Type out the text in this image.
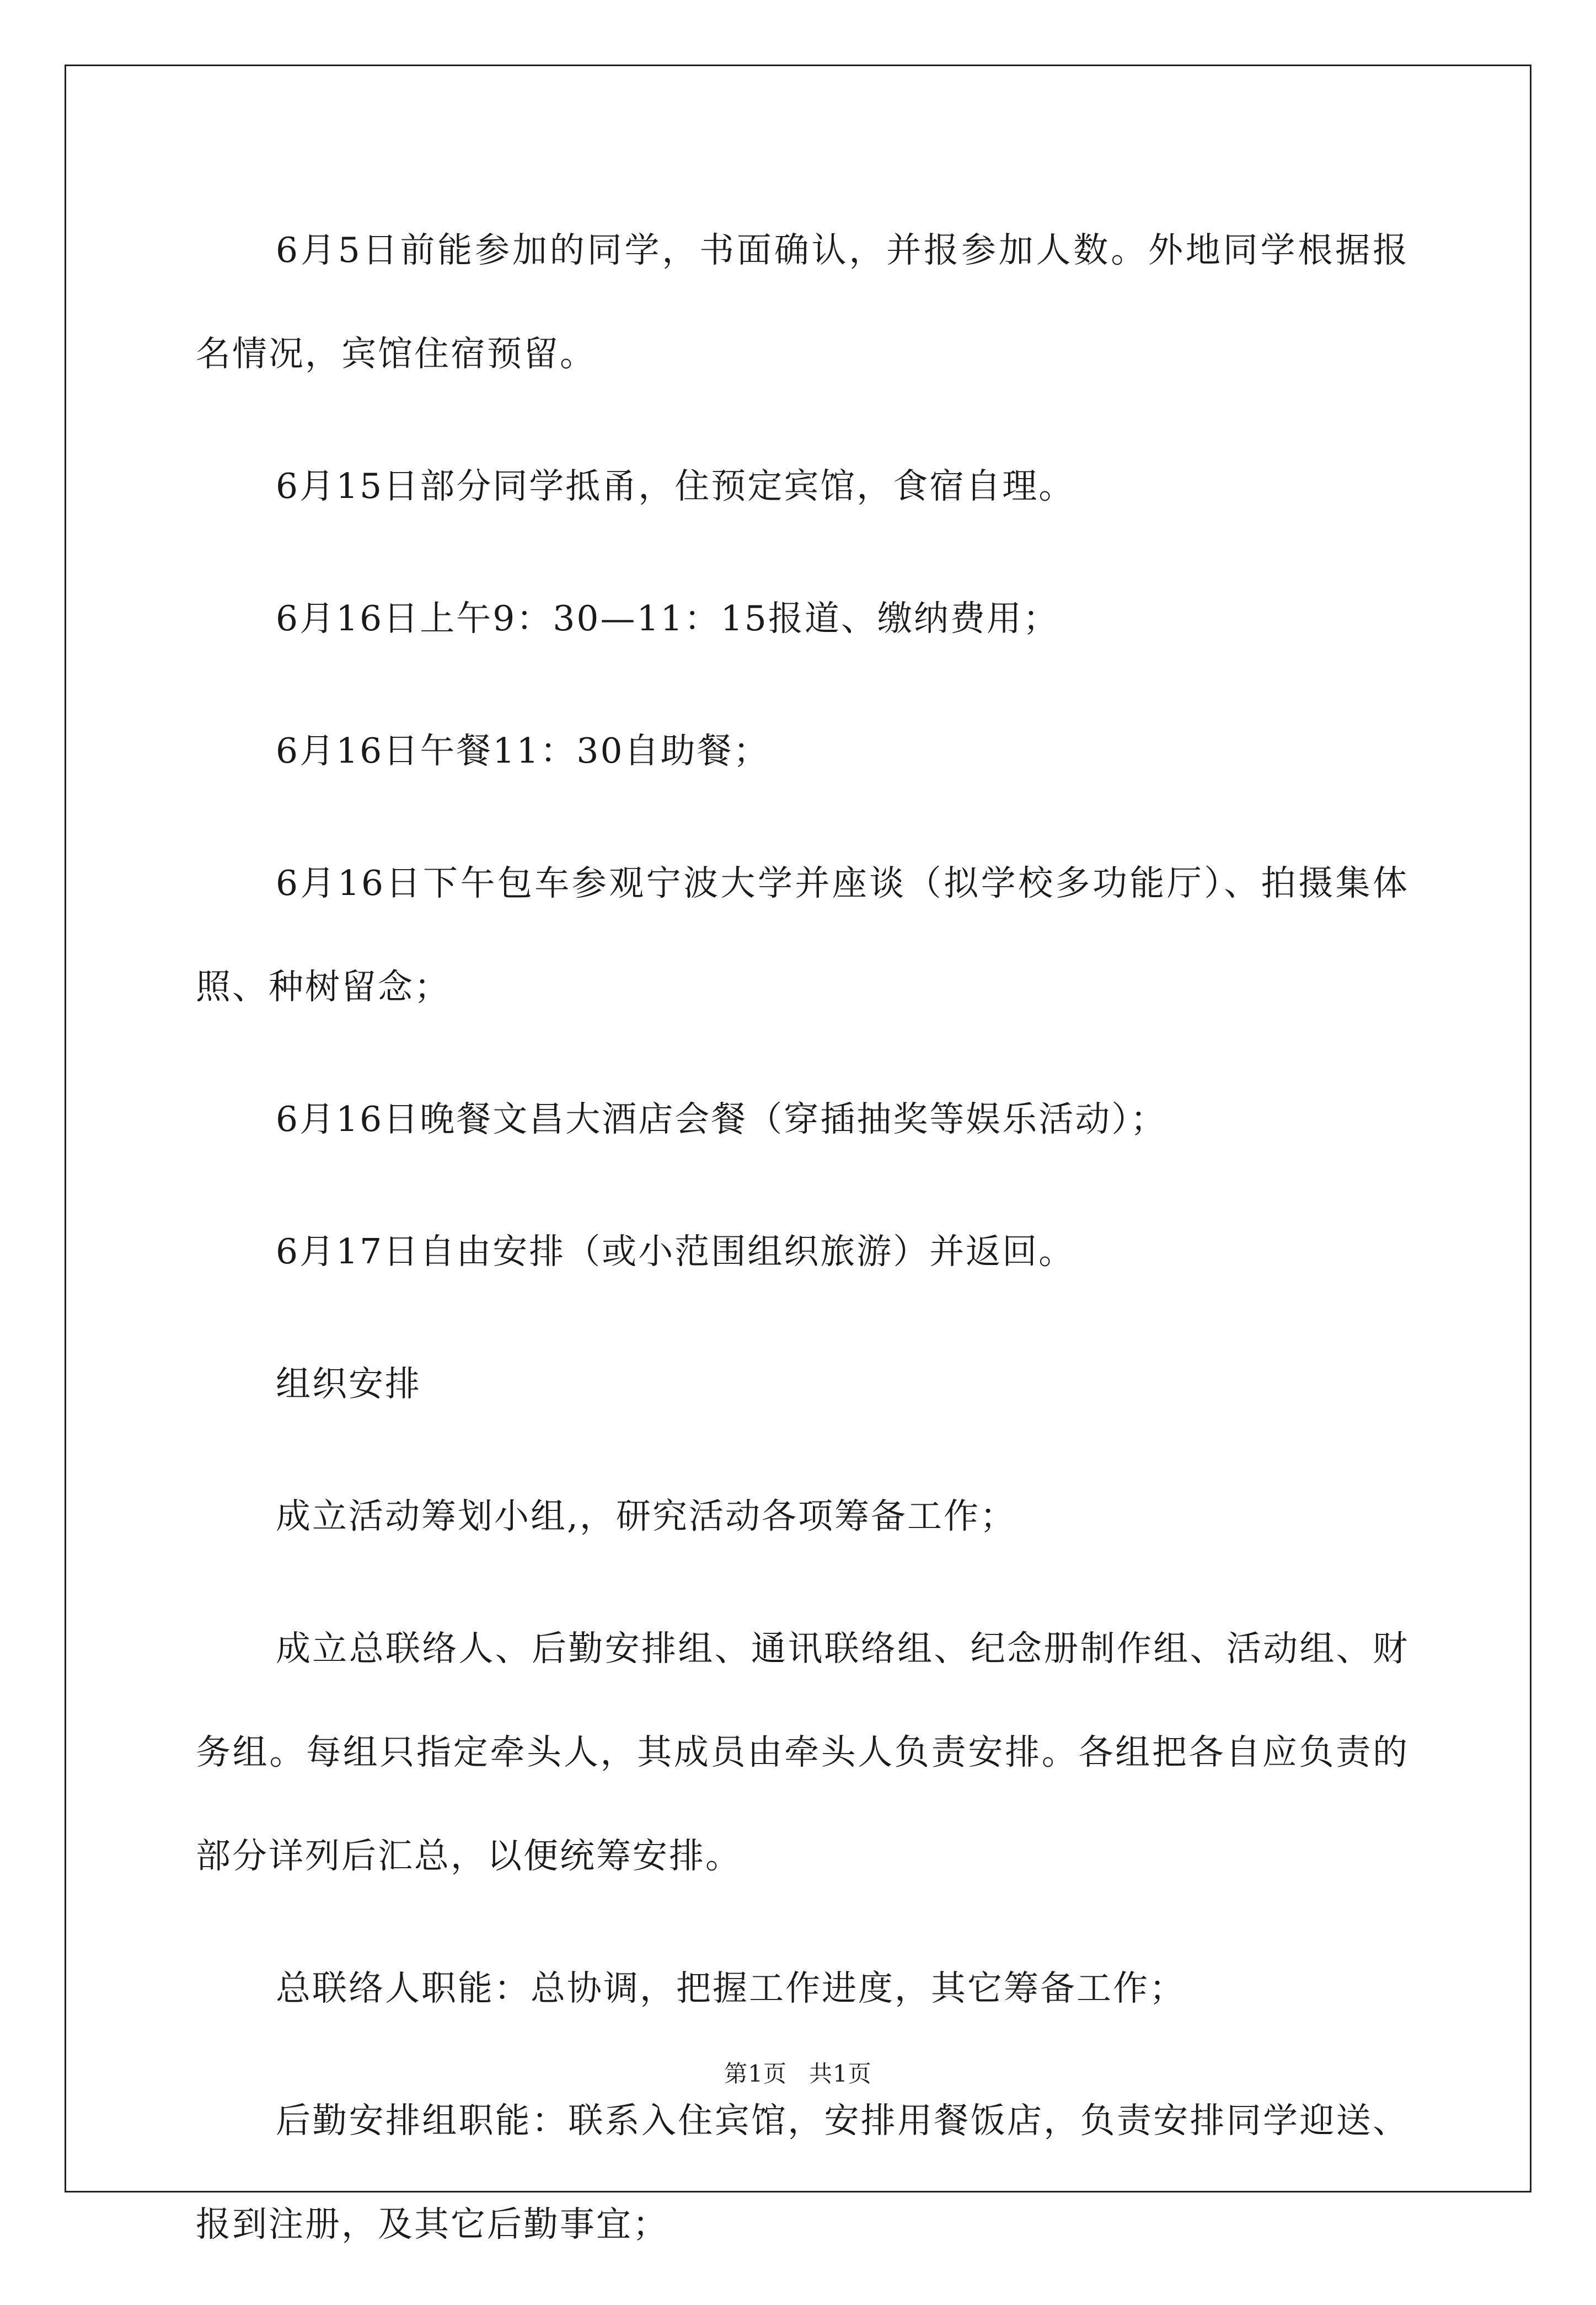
6月5日前能参加的同学，书面确认，并报参加人数。外地同学根据报名情况，宾馆住宿预留。

6月15日部分同学抵甬，住预定宾馆，食宿自理。

6月16日上午9：30—11：15报道、缴纳费用；

6月16日午餐11：30自助餐；

6月16日下午包车参观宁波大学并座谈（拟学校多功能厅）、拍摄集体照、种树留念；

6月16日晚餐文昌大酒店会餐（穿插抽奖等娱乐活动）；

6月17日自由安排（或小范围组织旅游）并返回。

组织安排

成立活动筹划小组,，研究活动各项筹备工作；

成立总联络人、后勤安排组、通讯联络组、纪念册制作组、活动组、财务组。每组只指定牵头人，其成员由牵头人负责安排。各组把各自应负责的部分详列后汇总，以便统筹安排。

总联络人职能：总协调，把握工作进度，其它筹备工作；

后勤安排组职能：联系入住宾馆，安排用餐饭店，负责安排同学迎送、报到注册，及其它后勤事宜；

第1页 共1页
